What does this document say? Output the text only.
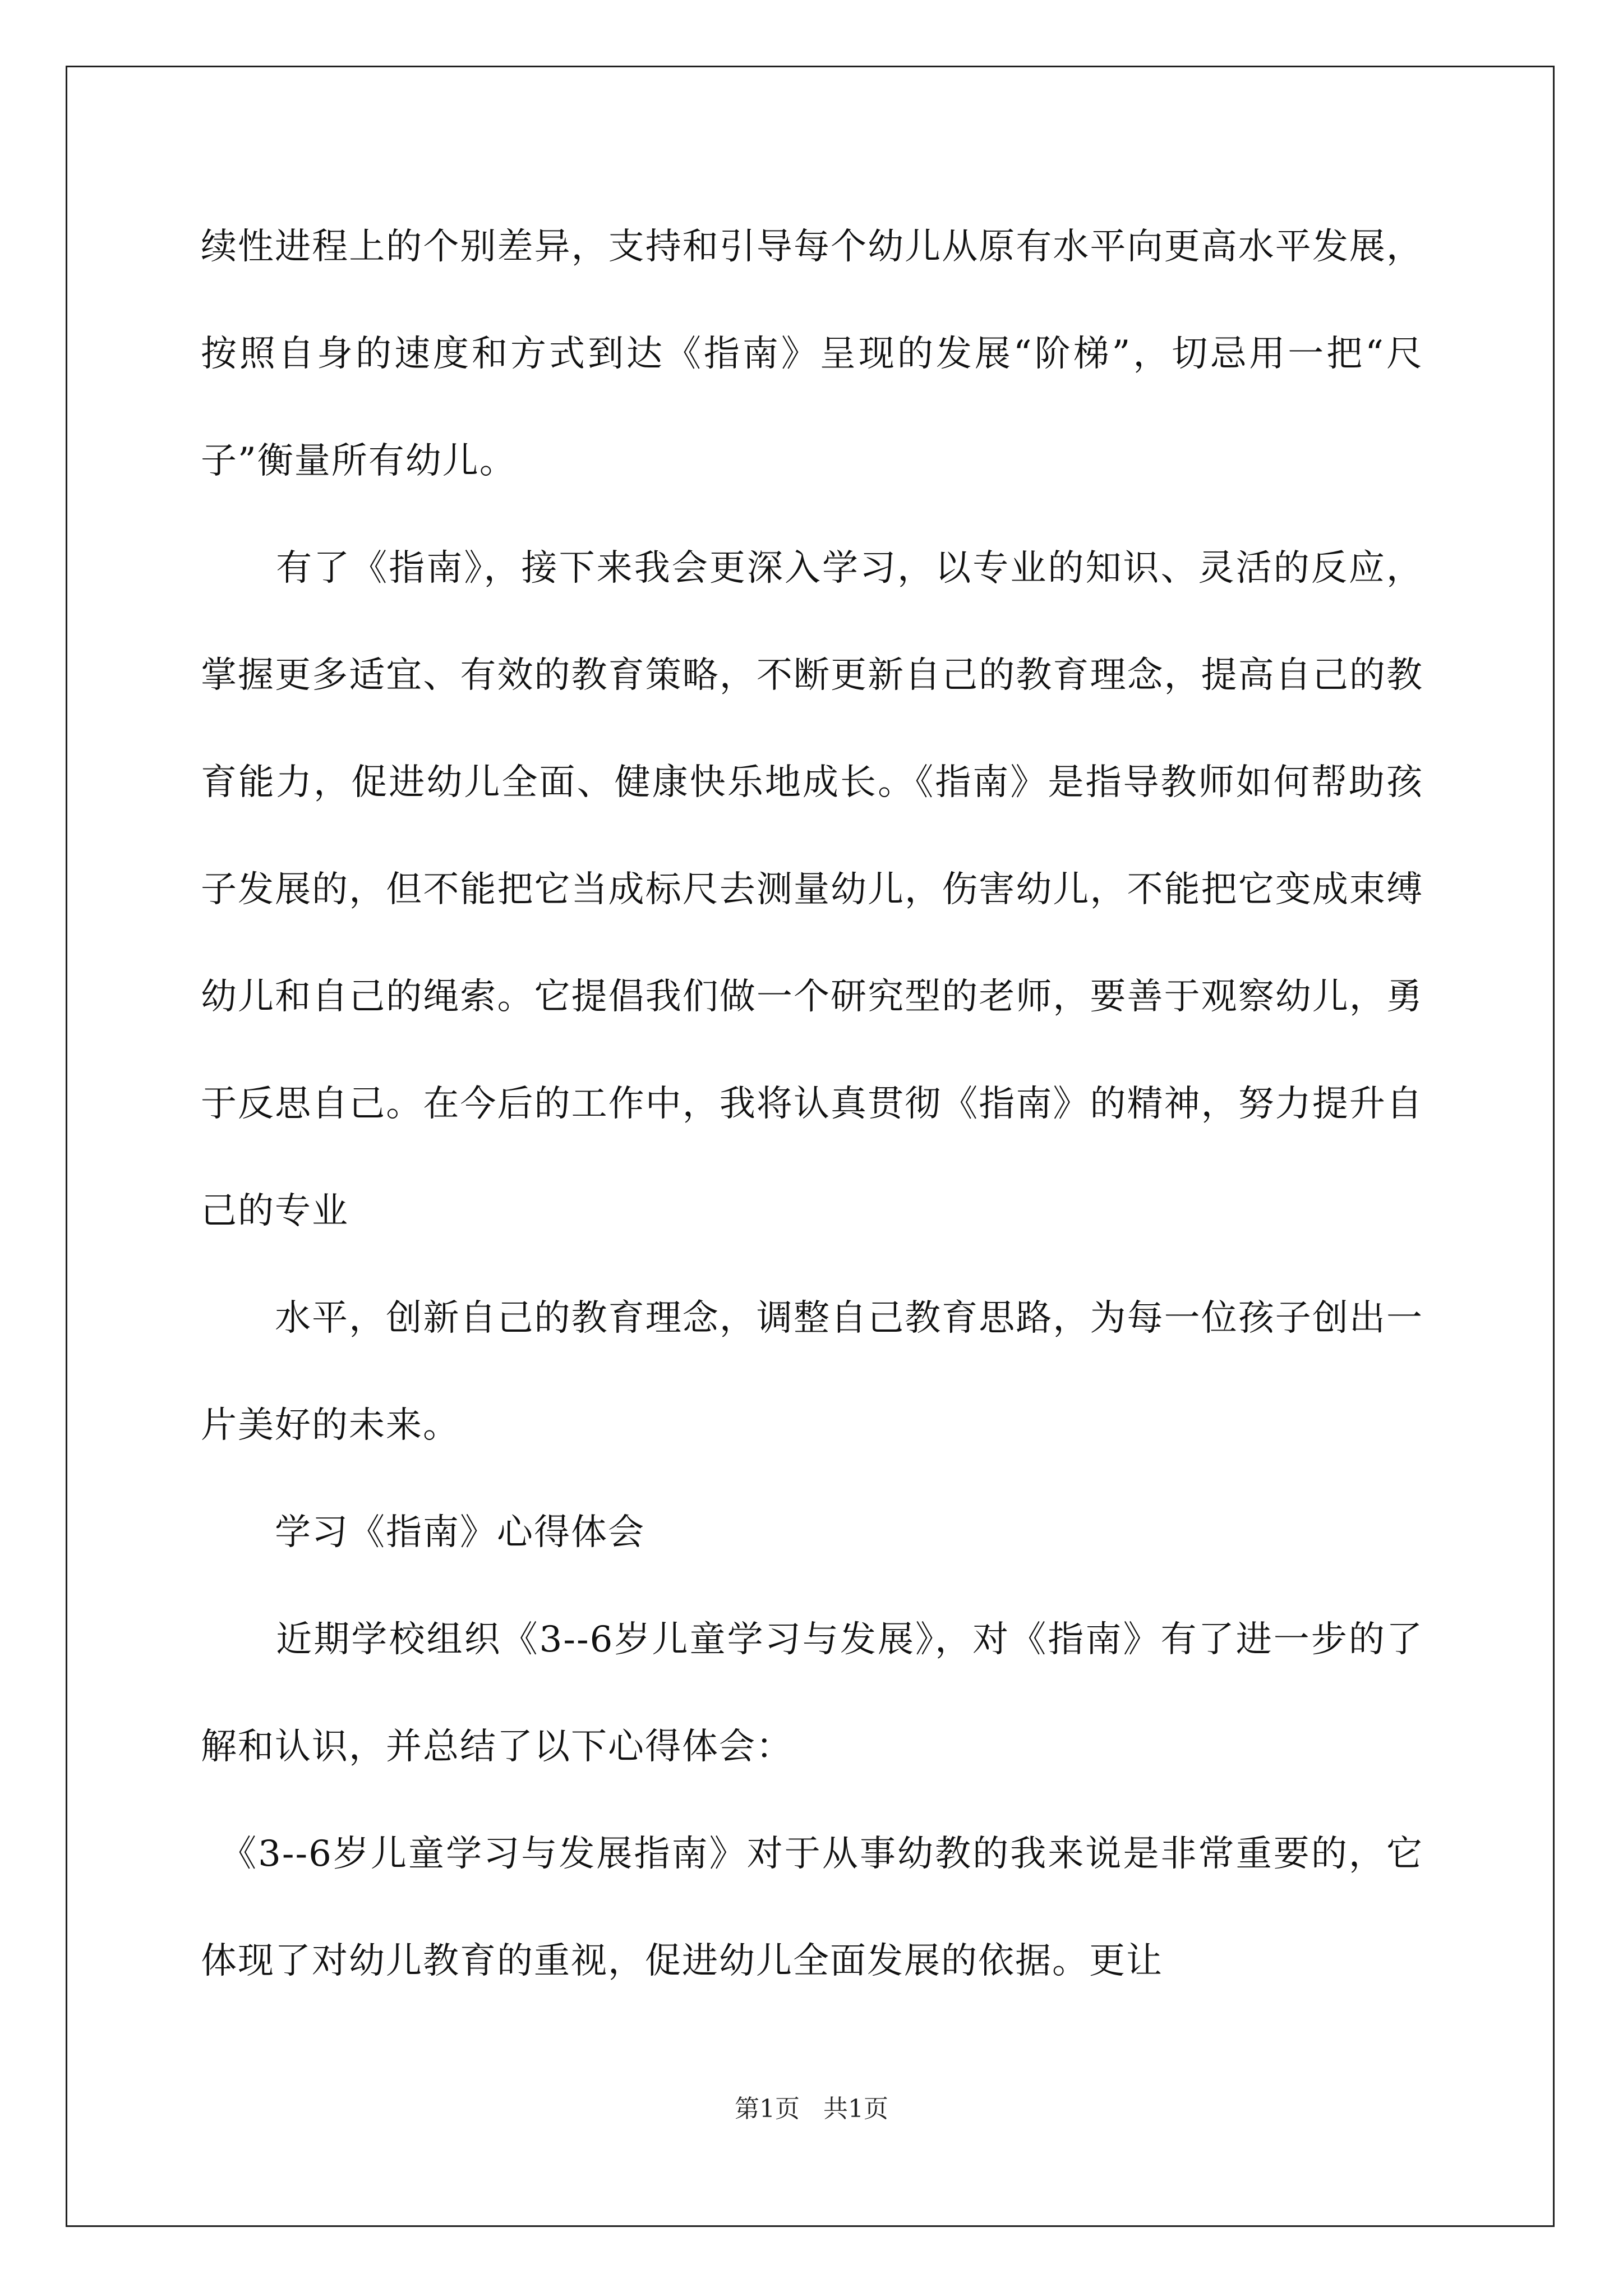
续性进程上的个别差异，支持和引导每个幼儿从原有水平向更高水平发展，按照自身的速度和方式到达《指南》呈现的发展“阶梯”，切忌用一把“尺子”衡量所有幼儿。

　　有了《指南》，接下来我会更深入学习，以专业的知识、灵活的反应，掌握更多适宜、有效的教育策略，不断更新自己的教育理念，提高自己的教育能力，促进幼儿全面、健康快乐地成长。《指南》是指导教师如何帮助孩子发展的，但不能把它当成标尺去测量幼儿，伤害幼儿，不能把它变成束缚幼儿和自己的绳索。它提倡我们做一个研究型的老师，要善于观察幼儿，勇于反思自己。在今后的工作中，我将认真贯彻《指南》的精神，努力提升自己的专业

　　水平，创新自己的教育理念，调整自己教育思路，为每一位孩子创出一片美好的未来。

　　学习《指南》心得体会

　　近期学校组织《3--6岁儿童学习与发展》，对《指南》有了进一步的了解和认识，并总结了以下心得体会：

　《3--6岁儿童学习与发展指南》对于从事幼教的我来说是非常重要的，它体现了对幼儿教育的重视，促进幼儿全面发展的依据。更让

第1页 共1页
